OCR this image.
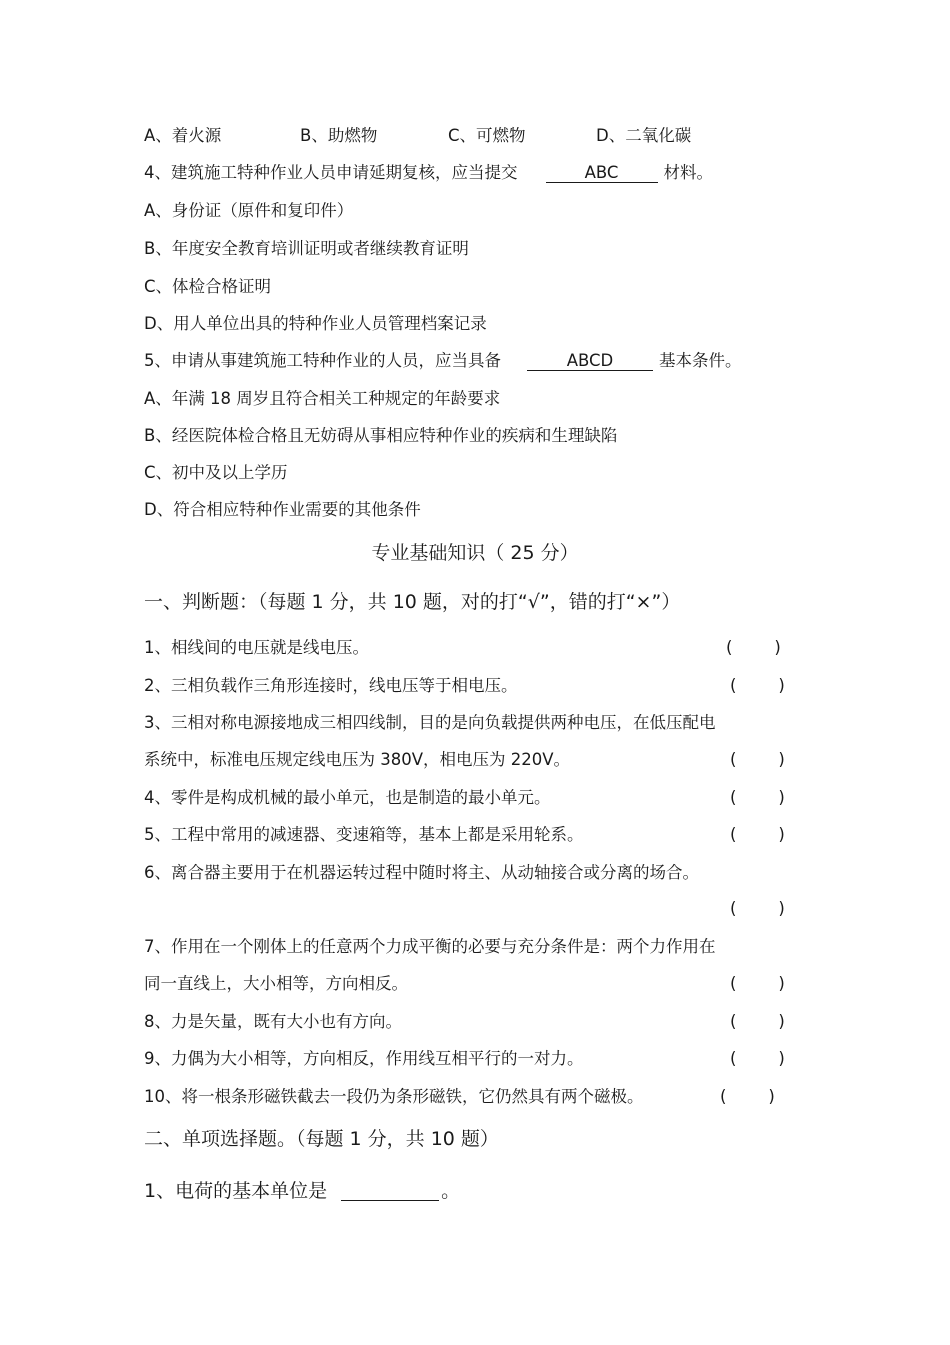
A、着火源	B、助燃物	C、可燃物	D、二氧化碳
4、建筑施工特种作业人员申请延期复核，应当提交	ABC	材料。
A、身份证（原件和复印件）
B、年度安全教育培训证明或者继续教育证明
C、体检合格证明
D、用人单位出具的特种作业人员管理档案记录
5、申请从事建筑施工特种作业的人员，应当具备	ABCD	基本条件。
A、年满 18 周岁且符合相关工种规定的年龄要求
B、经医院体检合格且无妨碍从事相应特种作业的疾病和生理缺陷
C、初中及以上学历
D、符合相应特种作业需要的其他条件
专业基础知识（ 25 分）
一、判断题：（每题 1 分，共 10 题，对的打“√”，错的打“×”）
1、相线间的电压就是线电压。	(        )
2、三相负载作三角形连接时，线电压等于相电压。	(        )
3、三相对称电源接地成三相四线制，目的是向负载提供两种电压，在低压配电
系统中，标准电压规定线电压为 380V，相电压为 220V。	(        )
4、零件是构成机械的最小单元，也是制造的最小单元。	(        )
5、工程中常用的减速器、变速箱等，基本上都是采用轮系。	(        )
6、离合器主要用于在机器运转过程中随时将主、从动轴接合或分离的场合。
(        )
7、作用在一个刚体上的任意两个力成平衡的必要与充分条件是：两个力作用在
同一直线上，大小相等，方向相反。	(        )
8、力是矢量，既有大小也有方向。	(        )
9、力偶为大小相等，方向相反，作用线互相平行的一对力。	(        )
10、将一根条形磁铁截去一段仍为条形磁铁，它仍然具有两个磁极。	(        )
二、单项选择题。（每题 1 分，共 10 题）
1、电荷的基本单位是	。
